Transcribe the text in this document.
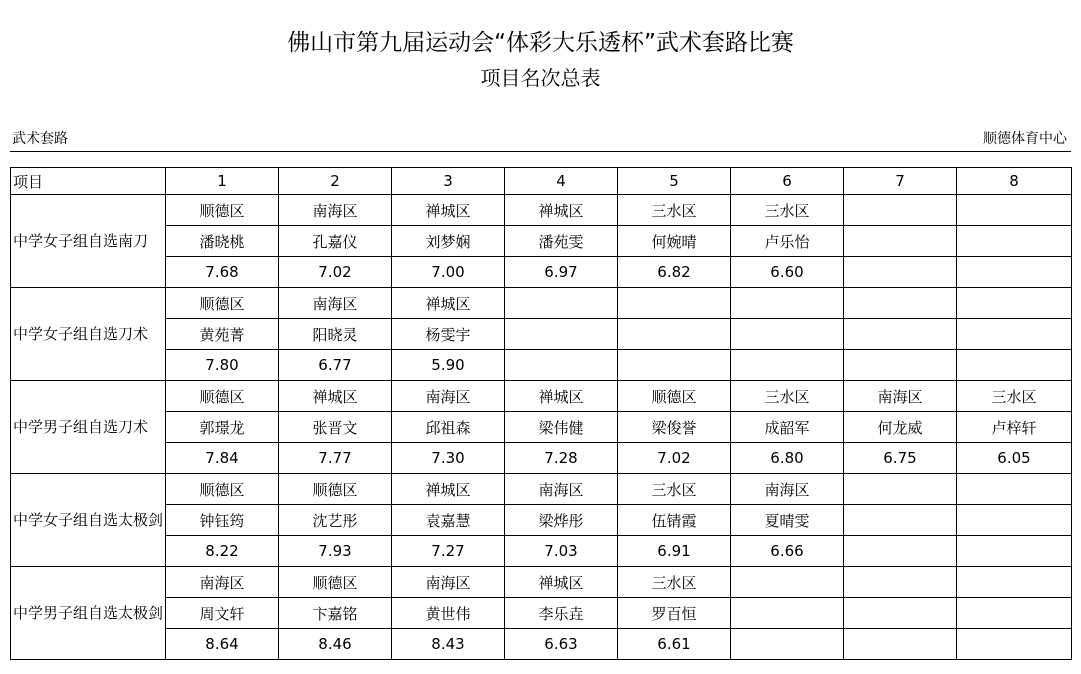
佛山市第九届运动会“体彩大乐透杯”武术套路比赛
项目名次总表
武术套路	顺德体育中心
项目	1	2	3	4	5	6	7	8
中学女子组自选南刀	顺德区	南海区	禅城区	禅城区	三水区	三水区		
	潘晓桃	孔嘉仪	刘梦娴	潘苑雯	何婉晴	卢乐怡		
	7.68	7.02	7.00	6.97	6.82	6.60		
中学女子组自选刀术	顺德区	南海区	禅城区					
	黄苑菁	阳晓灵	杨雯宇					
	7.80	6.77	5.90					
中学男子组自选刀术	顺德区	禅城区	南海区	禅城区	顺德区	三水区	南海区	三水区
	郭璟龙	张晋文	邱祖森	梁伟健	梁俊誉	成韶军	何龙威	卢梓轩
	7.84	7.77	7.30	7.28	7.02	6.80	6.75	6.05
中学女子组自选太极剑	顺德区	顺德区	禅城区	南海区	三水区	南海区		
	钟钰筠	沈艺彤	袁嘉慧	梁烨彤	伍锖霞	夏晴雯		
	8.22	7.93	7.27	7.03	6.91	6.66		
中学男子组自选太极剑	南海区	顺德区	南海区	禅城区	三水区			
	周文轩	卞嘉铭	黄世伟	李乐垚	罗百恒			
	8.64	8.46	8.43	6.63	6.61			
